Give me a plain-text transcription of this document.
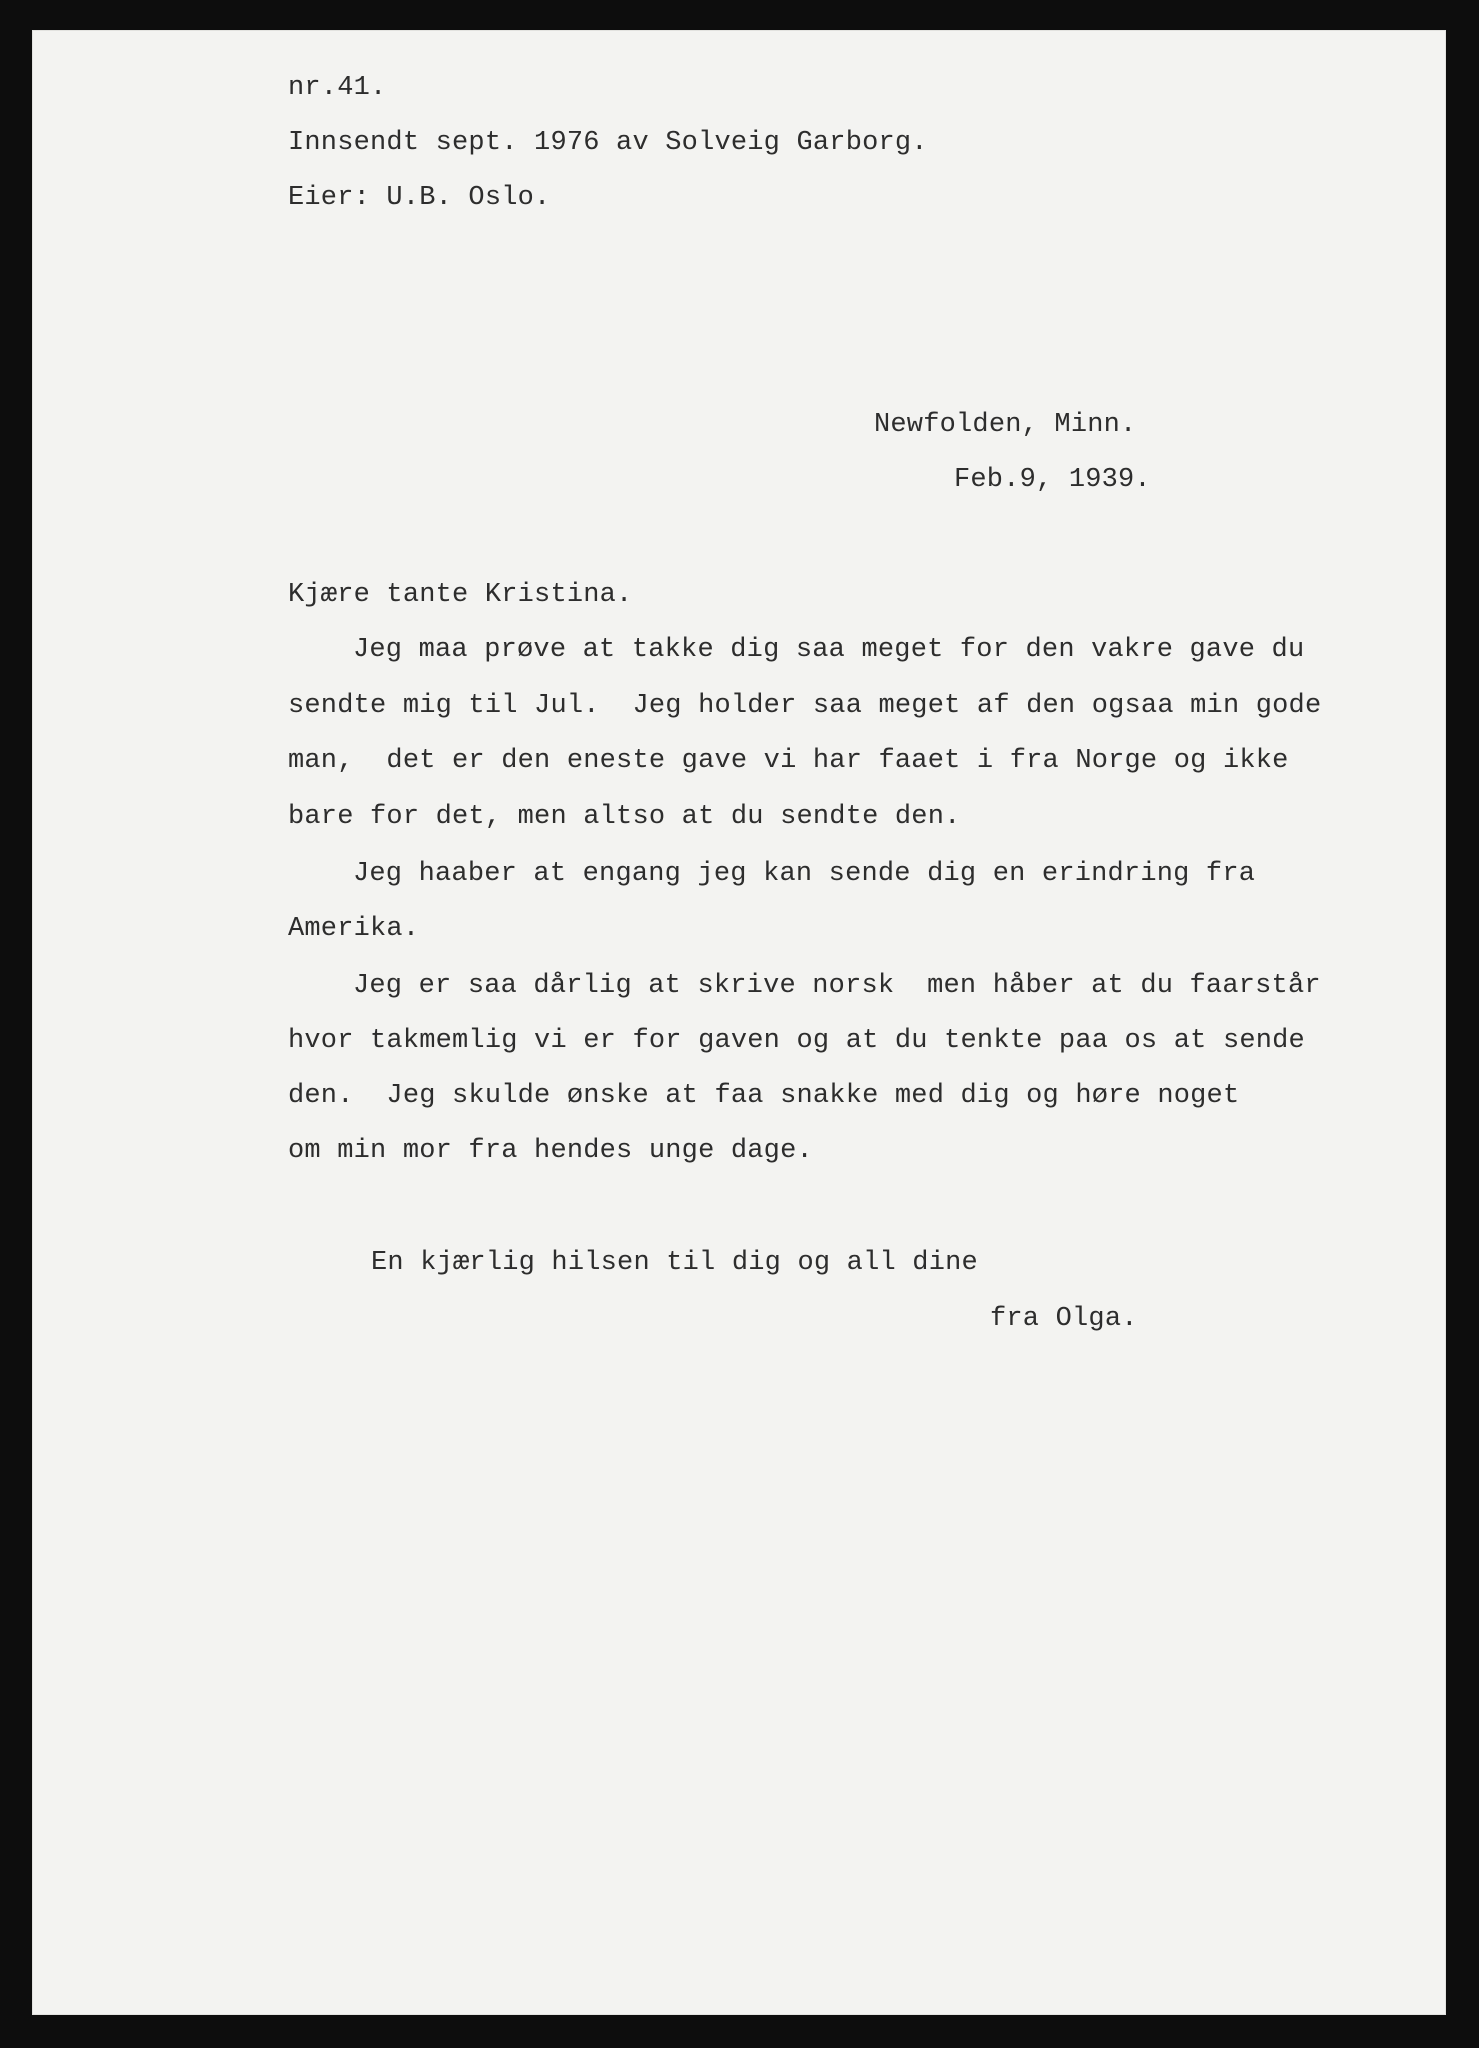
nr.41.
Innsendt sept. 1976 av Solveig Garborg.
Eier: U.B. Oslo.
Newfolden, Minn.
Feb.9, 1939.
Kjære tante Kristina.
Jeg maa prøve at takke dig saa meget for den vakre gave du
sendte mig til Jul.  Jeg holder saa meget af den ogsaa min gode
man,  det er den eneste gave vi har faaet i fra Norge og ikke
bare for det, men altso at du sendte den.
Jeg haaber at engang jeg kan sende dig en erindring fra
Amerika.
Jeg er saa dårlig at skrive norsk  men håber at du faarstår
hvor takmemlig vi er for gaven og at du tenkte paa os at sende
den.  Jeg skulde ønske at faa snakke med dig og høre noget
om min mor fra hendes unge dage.
En kjærlig hilsen til dig og all dine
fra Olga.
